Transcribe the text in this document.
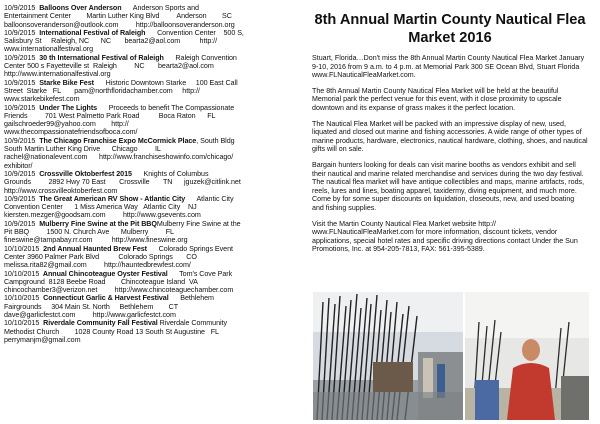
10/9/2015  Balloons Over Anderson      Anderson Sports and
Entertainment Center        Martin Luther King Blvd         Anderson        SC
balloonsoveranderson@outlook.com         http://balloonsoveranderson.org
10/9/2015  International Festival of Raleigh      Convention Center    500 S,
Salisbury St     Raleigh, NC      NC       bearta2@aol.com          http://
www.internationalfestival.org
10/9/2015  30 th International Festival of Raleigh      Raleigh Convention
Center 500 s Fayetteville st  Raleigh         NC       bearta2@aol.com
http://www.internationalfestival.org
10/9/2015  Starke Bike Fest      Historic Downtown Starke     100 East Call
Street  Starke   FL       pam@northfloridachamber.com     http://
www.starkebikefest.com
10/9/2015  Under The Lights      Proceeds to benefit The Compassionate
Friends         701 West Palmetto Park Road          Boca Raton      FL
gailschroeder99@yahoo.com        http://
www.thecompassionatefriendsofboca.com/
10/9/2015  The Chicago Franchise Expo McCormick Place, South Bldg
South Martin Luther King Drive      Chicago         IL
rachel@nationalevent.com      http://www.franchiseshowinfo.com/chicago/
exhibitor/
10/9/2015  Crossville Oktoberfest 2015      Knights of Columbus
Grounds         2892 Hwy 70 East       Crossville       TN      jguzek@citlink.net
http://www.crossvilleoktoberfest.com
10/9/2015  The Great American RV Show - Atlantic City      Atlantic City
Convention Center      1 Miss America Way   Atlantic City    NJ
kiersten.mezger@goodsam.com         http://www.gsevents.com
10/9/2015  Mulberry Fine Swine at the Pit BBQMulberry Fine Swine at the
Pit BBQ         1500 N. Church Ave      Mulberry         FL
fineswine@tampabay.rr.com          http://www.fineswine.org
10/10/2015  2nd Annual Haunted Brew Fest      Colorado Springs Event
Center 3960 Palmer Park Blvd          Colorado Springs       CO
melissa.rita82@gmail.com         http://hauntedbrewfest.com/
10/10/2015  Annual Chincoteague Oyster Festival      Tom's Cove Park
Campground  8128 Beebe Road        Chincoteague Island  VA
chincochamber3@verizon.net         http://www.chincoteaguechamber.com
10/10/2015  Connecticut Garlic & Harvest Festival      Bethlehem
Fairgrounds     304 Main St. North     Bethlehem        CT
dave@garlicfestct.com         http://www.garlicfestct.com
10/10/2015  Riverdale Community Fall Festival Riverdale Community
Methodist Church        1028 County Road 13 South St Augustine   FL
perrymanjm@gmail.com
8th Annual Martin County Nautical Flea Market 2016
Stuart, Florida…Don't miss the 8th Annual Martin County Nautical Flea Market January 9-10, 2016 from 9 a.m. to 4 p.m. at Memorial Park 300 SE Ocean Blvd, Stuart Florida www.FLNauticalFleaMarket.com.
The 8th Annual Martin County Nautical Flea Market will be held at the beautiful Memorial park the perfect venue for this event, with it close proximity to upscale downtown and its expanse of grass makes it the perfect location.
The Nautical Flea Market will be packed with an impressive display of new, used, liquated and closed out marine and fishing accessories. A wide range of other types of marine products, hardware, electronics, nautical hardware, clothing, shoes, and nautical gifts will on sale.
Bargain hunters looking for deals can visit marine booths as vendors exhibit and sell their nautical and marine related merchandise and services during the two day festival. The nautical flea market will have antique collectibles and maps, marine artifacts, rods, reels, lures and lines, boating apparel, taxidermy, diving equipment, and much more. Come by for some super discounts on liquidation, closeouts, new, and used boating and fishing supplies.
Visit the Martin County Nautical Flea Market website http:// www.FLNauticalFleaMarket.com for more information, discount tickets, vendor applications, special hotel rates and specific driving directions contact Under the Sun Promotions, Inc. at 954-205-7813, FAX: 561-395-5389.
